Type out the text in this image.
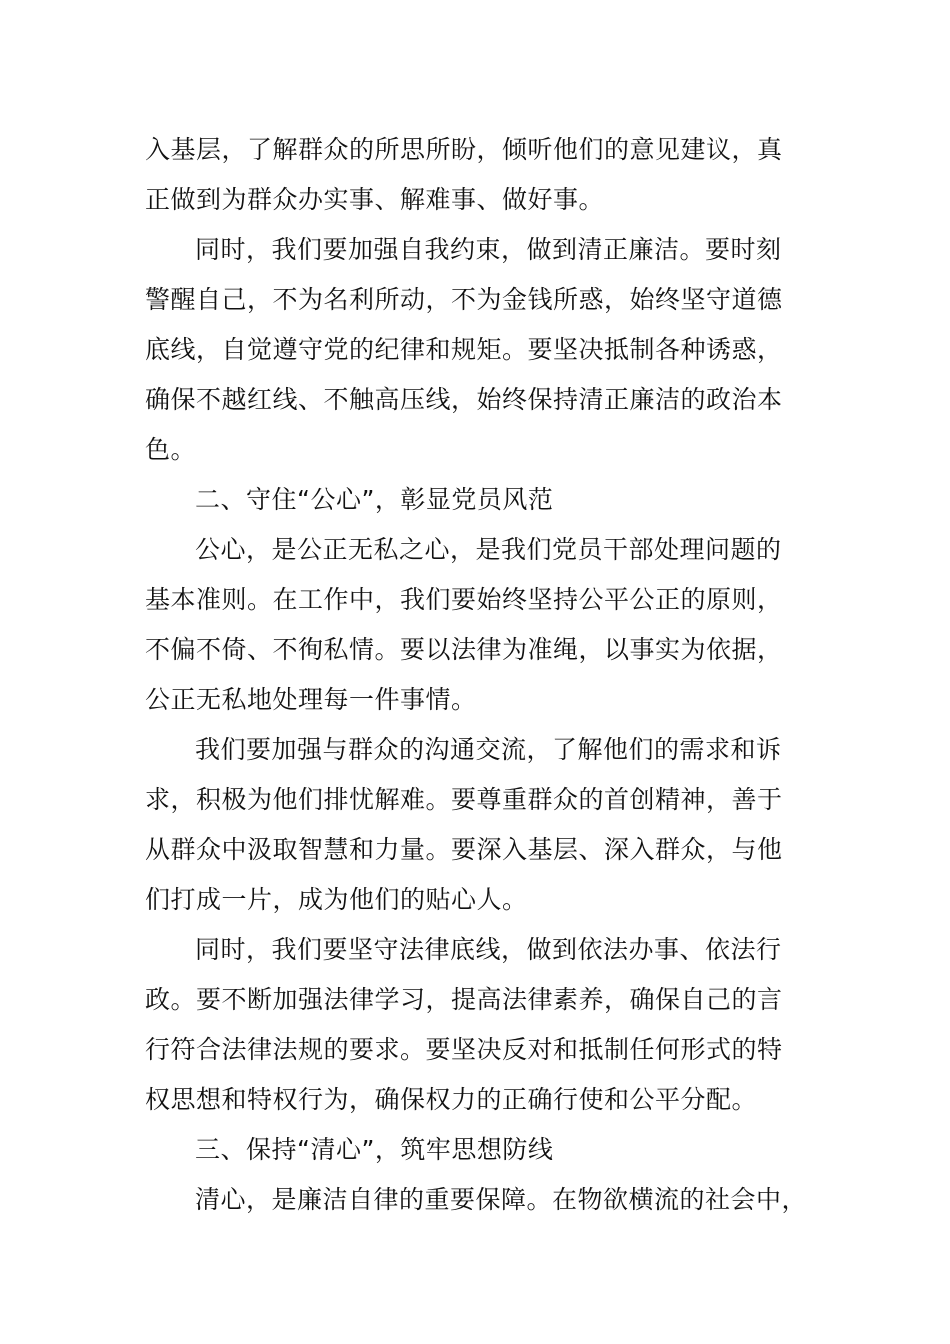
入基层，了解群众的所思所盼，倾听他们的意见建议，真
正做到为群众办实事、解难事、做好事。
同时，我们要加强自我约束，做到清正廉洁。要时刻
警醒自己，不为名利所动，不为金钱所惑，始终坚守道德
底线，自觉遵守党的纪律和规矩。要坚决抵制各种诱惑，
确保不越红线、不触高压线，始终保持清正廉洁的政治本
色。
二、守住“公心”，彰显党员风范
公心，是公正无私之心，是我们党员干部处理问题的
基本准则。在工作中，我们要始终坚持公平公正的原则，
不偏不倚、不徇私情。要以法律为准绳，以事实为依据，
公正无私地处理每一件事情。
我们要加强与群众的沟通交流，了解他们的需求和诉
求，积极为他们排忧解难。要尊重群众的首创精神，善于
从群众中汲取智慧和力量。要深入基层、深入群众，与他
们打成一片，成为他们的贴心人。
同时，我们要坚守法律底线，做到依法办事、依法行
政。要不断加强法律学习，提高法律素养，确保自己的言
行符合法律法规的要求。要坚决反对和抵制任何形式的特
权思想和特权行为，确保权力的正确行使和公平分配。
三、保持“清心”，筑牢思想防线
清心，是廉洁自律的重要保障。在物欲横流的社会中，
